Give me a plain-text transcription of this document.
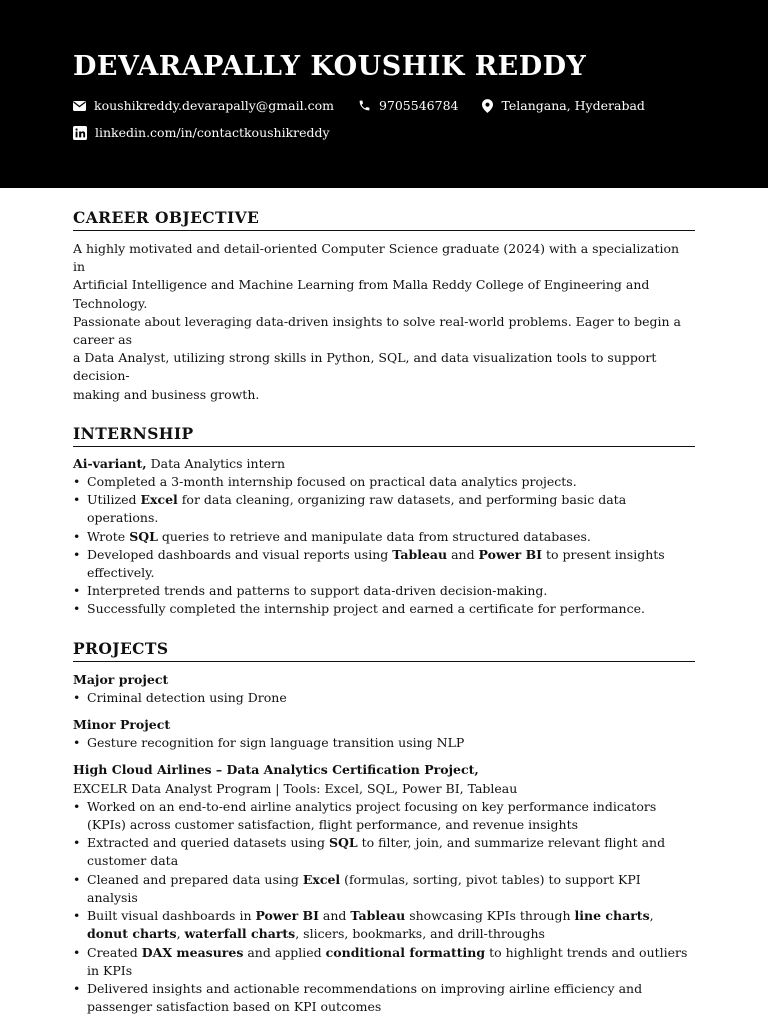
DEVARAPALLY KOUSHIK REDDY
koushikreddy.devarapally@gmail.com	9705546784	Telangana, Hyderabad
linkedin.com/in/contactkoushikreddy
CAREER OBJECTIVE
A highly motivated and detail-oriented Computer Science graduate (2024) with a specialization in
Artificial Intelligence and Machine Learning from Malla Reddy College of Engineering and Technology.
Passionate about leveraging data-driven insights to solve real-world problems. Eager to begin a career as
a Data Analyst, utilizing strong skills in Python, SQL, and data visualization tools to support decision-
making and business growth.
INTERNSHIP
Ai-variant, Data Analytics intern
• Completed a 3-month internship focused on practical data analytics projects.
• Utilized Excel for data cleaning, organizing raw datasets, and performing basic data operations.
• Wrote SQL queries to retrieve and manipulate data from structured databases.
• Developed dashboards and visual reports using Tableau and Power BI to present insights effectively.
• Interpreted trends and patterns to support data-driven decision-making.
• Successfully completed the internship project and earned a certificate for performance.
PROJECTS
Major project
• Criminal detection using Drone
Minor Project
• Gesture recognition for sign language transition using NLP
High Cloud Airlines – Data Analytics Certification Project,
EXCELR Data Analyst Program | Tools: Excel, SQL, Power BI, Tableau
• Worked on an end-to-end airline analytics project focusing on key performance indicators (KPIs) across customer satisfaction, flight performance, and revenue insights
• Extracted and queried datasets using SQL to filter, join, and summarize relevant flight and customer data
• Cleaned and prepared data using Excel (formulas, sorting, pivot tables) to support KPI analysis
• Built visual dashboards in Power BI and Tableau showcasing KPIs through line charts, donut charts, waterfall charts, slicers, bookmarks, and drill-throughs
• Created DAX measures and applied conditional formatting to highlight trends and outliers in KPIs
• Delivered insights and actionable recommendations on improving airline efficiency and passenger satisfaction based on KPI outcomes
